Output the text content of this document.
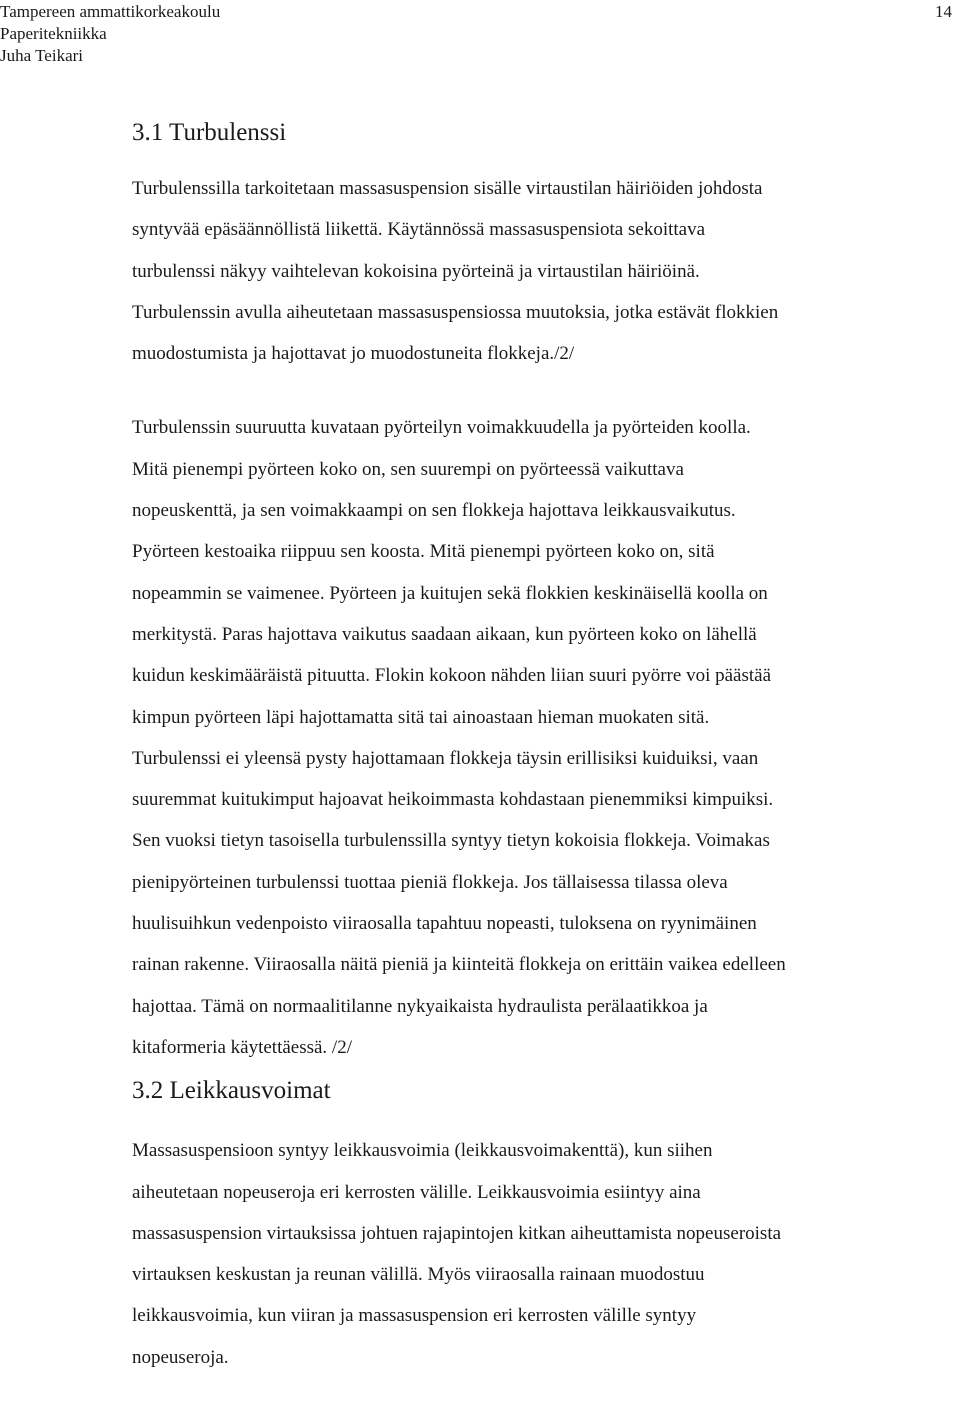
Tampereen ammattikorkeakoulu
Paperitekniikka
Juha Teikari
14
3.1 Turbulenssi
Turbulenssilla tarkoitetaan massasuspension sisälle virtaustilan häiriöiden johdosta
syntyvää epäsäännöllistä liikettä. Käytännössä massasuspensiota sekoittava
turbulenssi näkyy vaihtelevan kokoisina pyörteinä ja virtaustilan häiriöinä.
Turbulenssin avulla aiheutetaan massasuspensiossa muutoksia, jotka estävät flokkien
muodostumista ja hajottavat jo muodostuneita flokkeja./2/
Turbulenssin suuruutta kuvataan pyörteilyn voimakkuudella ja pyörteiden koolla.
Mitä pienempi pyörteen koko on, sen suurempi on pyörteessä vaikuttava
nopeuskenttä, ja sen voimakkaampi on sen flokkeja hajottava leikkausvaikutus.
Pyörteen kestoaika riippuu sen koosta. Mitä pienempi pyörteen koko on, sitä
nopeammin se vaimenee. Pyörteen ja kuitujen sekä flokkien keskinäisellä koolla on
merkitystä. Paras hajottava vaikutus saadaan aikaan, kun pyörteen koko on lähellä
kuidun keskimääräistä pituutta. Flokin kokoon nähden liian suuri pyörre voi päästää
kimpun pyörteen läpi hajottamatta sitä tai ainoastaan hieman muokaten sitä.
Turbulenssi ei yleensä pysty hajottamaan flokkeja täysin erillisiksi kuiduiksi, vaan
suuremmat kuitukimput hajoavat heikoimmasta kohdastaan pienemmiksi kimpuiksi.
Sen vuoksi tietyn tasoisella turbulenssilla syntyy tietyn kokoisia flokkeja. Voimakas
pienipyörteinen turbulenssi tuottaa pieniä flokkeja. Jos tällaisessa tilassa oleva
huulisuihkun vedenpoisto viiraosalla tapahtuu nopeasti, tuloksena on ryynimäinen
rainan rakenne. Viiraosalla näitä pieniä ja kiinteitä flokkeja on erittäin vaikea edelleen
hajottaa. Tämä on normaalitilanne nykyaikaista hydraulista perälaatikkoa ja
kitaformeria käytettäessä. /2/
3.2 Leikkausvoimat
Massasuspensioon syntyy leikkausvoimia (leikkausvoimakenttä), kun siihen
aiheutetaan nopeuseroja eri kerrosten välille. Leikkausvoimia esiintyy aina
massasuspension virtauksissa johtuen rajapintojen kitkan aiheuttamista nopeuseroista
virtauksen keskustan ja reunan välillä. Myös viiraosalla rainaan muodostuu
leikkausvoimia, kun viiran ja massasuspension eri kerrosten välille syntyy
nopeuseroja.
